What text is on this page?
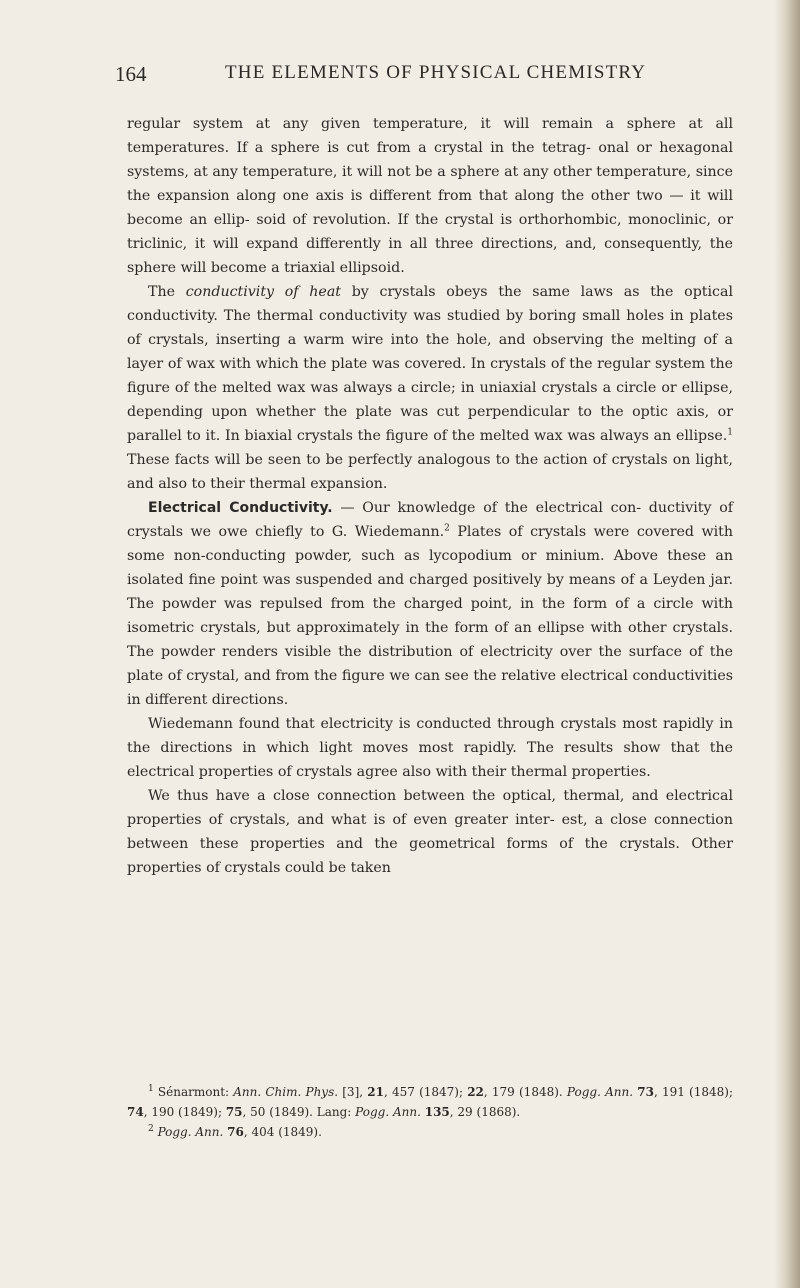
164	THE ELEMENTS OF PHYSICAL CHEMISTRY

regular system at any given temperature, it will remain a sphere at all temperatures. If a sphere is cut from a crystal in the tetrag- onal or hexagonal systems, at any temperature, it will not be a sphere at any other temperature, since the expansion along one axis is different from that along the other two — it will become an ellip- soid of revolution. If the crystal is orthorhombic, monoclinic, or triclinic, it will expand differently in all three directions, and, consequently, the sphere will become a triaxial ellipsoid.

The conductivity of heat by crystals obeys the same laws as the optical conductivity. The thermal conductivity was studied by boring small holes in plates of crystals, inserting a warm wire into the hole, and observing the melting of a layer of wax with which the plate was covered. In crystals of the regular system the figure of the melted wax was always a circle; in uniaxial crystals a circle or ellipse, depending upon whether the plate was cut perpendicular to the optic axis, or parallel to it. In biaxial crystals the figure of the melted wax was always an ellipse.$^1$ These facts will be seen to be perfectly analogous to the action of crystals on light, and also to their thermal expansion.

Electrical Conductivity. — Our knowledge of the electrical con- ductivity of crystals we owe chiefly to G. Wiedemann.$^2$ Plates of crystals were covered with some non-conducting powder, such as lycopodium or minium. Above these an isolated fine point was suspended and charged positively by means of a Leyden jar. The powder was repulsed from the charged point, in the form of a circle with isometric crystals, but approximately in the form of an ellipse with other crystals. The powder renders visible the distribution of electricity over the surface of the plate of crystal, and from the figure we can see the relative electrical conductivities in different directions.

Wiedemann found that electricity is conducted through crystals most rapidly in the directions in which light moves most rapidly. The results show that the electrical properties of crystals agree also with their thermal properties.

We thus have a close connection between the optical, thermal, and electrical properties of crystals, and what is of even greater inter- est, a close connection between these properties and the geometrical forms of the crystals. Other properties of crystals could be taken

$^1$ Sénarmont: Ann. Chim. Phys. [3], 21, 457 (1847); 22, 179 (1848). Pogg. Ann. 73, 191 (1848); 74, 190 (1849); 75, 50 (1849). Lang: Pogg. Ann. 135, 29 (1868).

$^2$ Pogg. Ann. 76, 404 (1849).
